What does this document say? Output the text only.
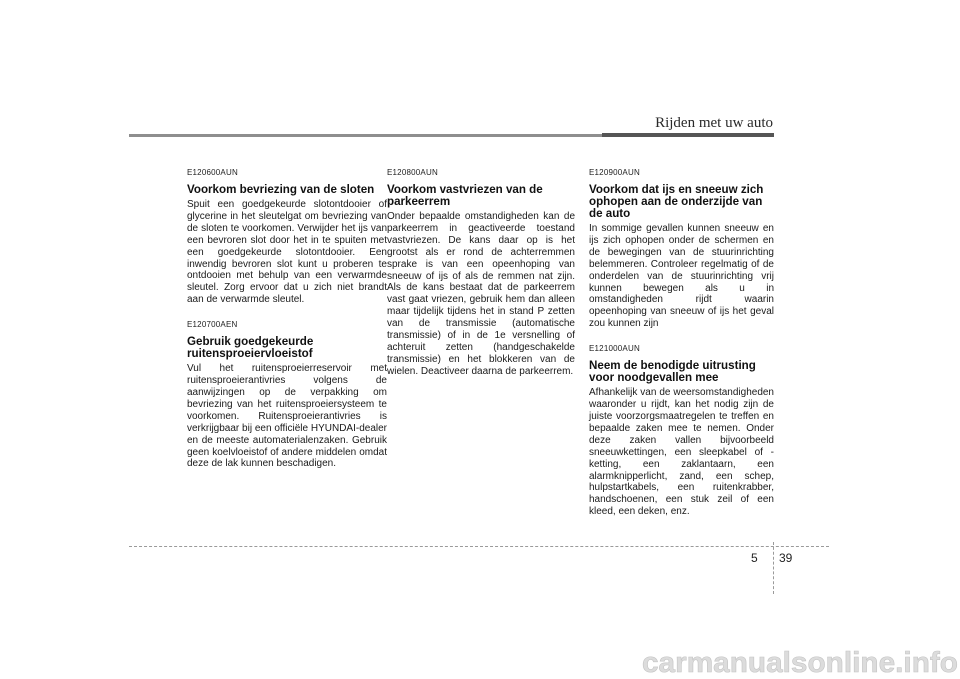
Rijden met uw auto
E120600AUN
Voorkom bevriezing van de sloten
Spuit een goedgekeurde slotontdooier of glycerine in het sleutelgat om bevriezing van de sloten te voorkomen. Verwijder het ijs van een bevroren slot door het in te spuiten met een goedgekeurde slotontdooier. Een inwendig bevroren slot kunt u proberen te ontdooien met behulp van een verwarmde sleutel. Zorg ervoor dat u zich niet brandt aan de verwarmde sleutel.
E120700AEN
Gebruik goedgekeurde ruitensproeiervloeistof
Vul het ruitensproeierreservoir met ruitensproeierantivries volgens de aanwijzingen op de verpakking om bevriezing van het ruitensproeiersysteem te voorkomen. Ruitensproeierantivries is verkrijgbaar bij een officiële HYUNDAI-dealer en de meeste automaterialenzaken. Gebruik geen koelvloeistof of andere middelen omdat deze de lak kunnen beschadigen.
E120800AUN
Voorkom vastvriezen van de parkeerrem
Onder bepaalde omstandigheden kan de parkeerrem in geactiveerde toestand vastvriezen. De kans daar op is het grootst als er rond de achterremmen sprake is van een opeenhoping van sneeuw of ijs of als de remmen nat zijn. Als de kans bestaat dat de parkeerrem vast gaat vriezen, gebruik hem dan alleen maar tijdelijk tijdens het in stand P zetten van de transmissie (automatische transmissie) of in de 1e versnelling of achteruit zetten (handgeschakelde transmissie) en het blokkeren van de wielen. Deactiveer daarna de parkeerrem.
E120900AUN
Voorkom dat ijs en sneeuw zich ophopen aan de onderzijde van de auto
In sommige gevallen kunnen sneeuw en ijs zich ophopen onder de schermen en de bewegingen van de stuurinrichting belemmeren. Controleer regelmatig of de onderdelen van de stuurinrichting vrij kunnen bewegen als u in omstandigheden rijdt waarin opeenhoping van sneeuw of ijs het geval zou kunnen zijn
E121000AUN
Neem de benodigde uitrusting voor noodgevallen mee
Afhankelijk van de weersomstandigheden waaronder u rijdt, kan het nodig zijn de juiste voorzorgsmaatregelen te treffen en bepaalde zaken mee te nemen. Onder deze zaken vallen bijvoorbeeld sneeuwkettingen, een sleepkabel of -ketting, een zaklantaarn, een alarmknipperlicht, zand, een schep, hulpstartkabels, een ruitenkrabber, handschoenen, een stuk zeil of een kleed, een deken, enz.
5 39
carmanualsonline.info
